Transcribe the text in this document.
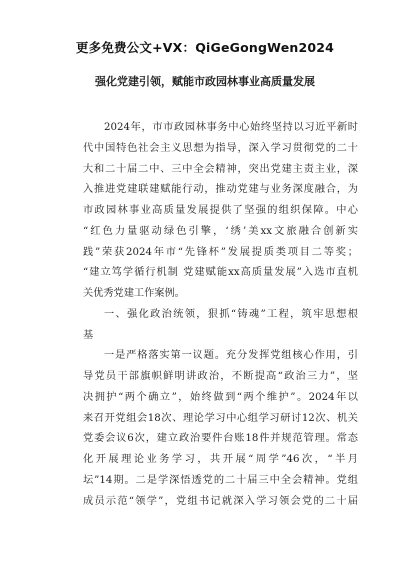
更多免费公文+VX：QiGeGongWen2024
强化党建引领，赋能市政园林事业高质量发展
2024年，市市政园林事务中心始终坚持以习近平新时
代中国特色社会主义思想为指导，深入学习贯彻党的二十
大和二十届二中、三中全会精神，突出党建主责主业，深
入推进党建联建赋能行动，推动党建与业务深度融合，为
市政园林事业高质量发展提供了坚强的组织保障。中心
“红色力量驱动绿色引擎，‘绣’美xx文旅融合创新实
践”荣获2024年市“先锋杯”发展提质类项目二等奖；
“建立笃学循行机制 党建赋能xx高质量发展”入选市直机
关优秀党建工作案例。
一、强化政治统领，狠抓“铸魂”工程，筑牢思想根
基
一是严格落实第一议题。充分发挥党组核心作用，引
导党员干部旗帜鲜明讲政治，不断提高“政治三力”，坚
决拥护“两个确立”，始终做到“两个维护”。2024年以
来召开党组会18次、理论学习中心组学习研讨12次、机关
党委会议6次，建立政治要件台账18件并规范管理。常态
化开展理论业务学习，共开展“周学”46次，“半月
坛”14期。二是学深悟透党的二十届三中全会精神。党组
成员示范“领学”，党组书记就深入学习领会党的二十届
